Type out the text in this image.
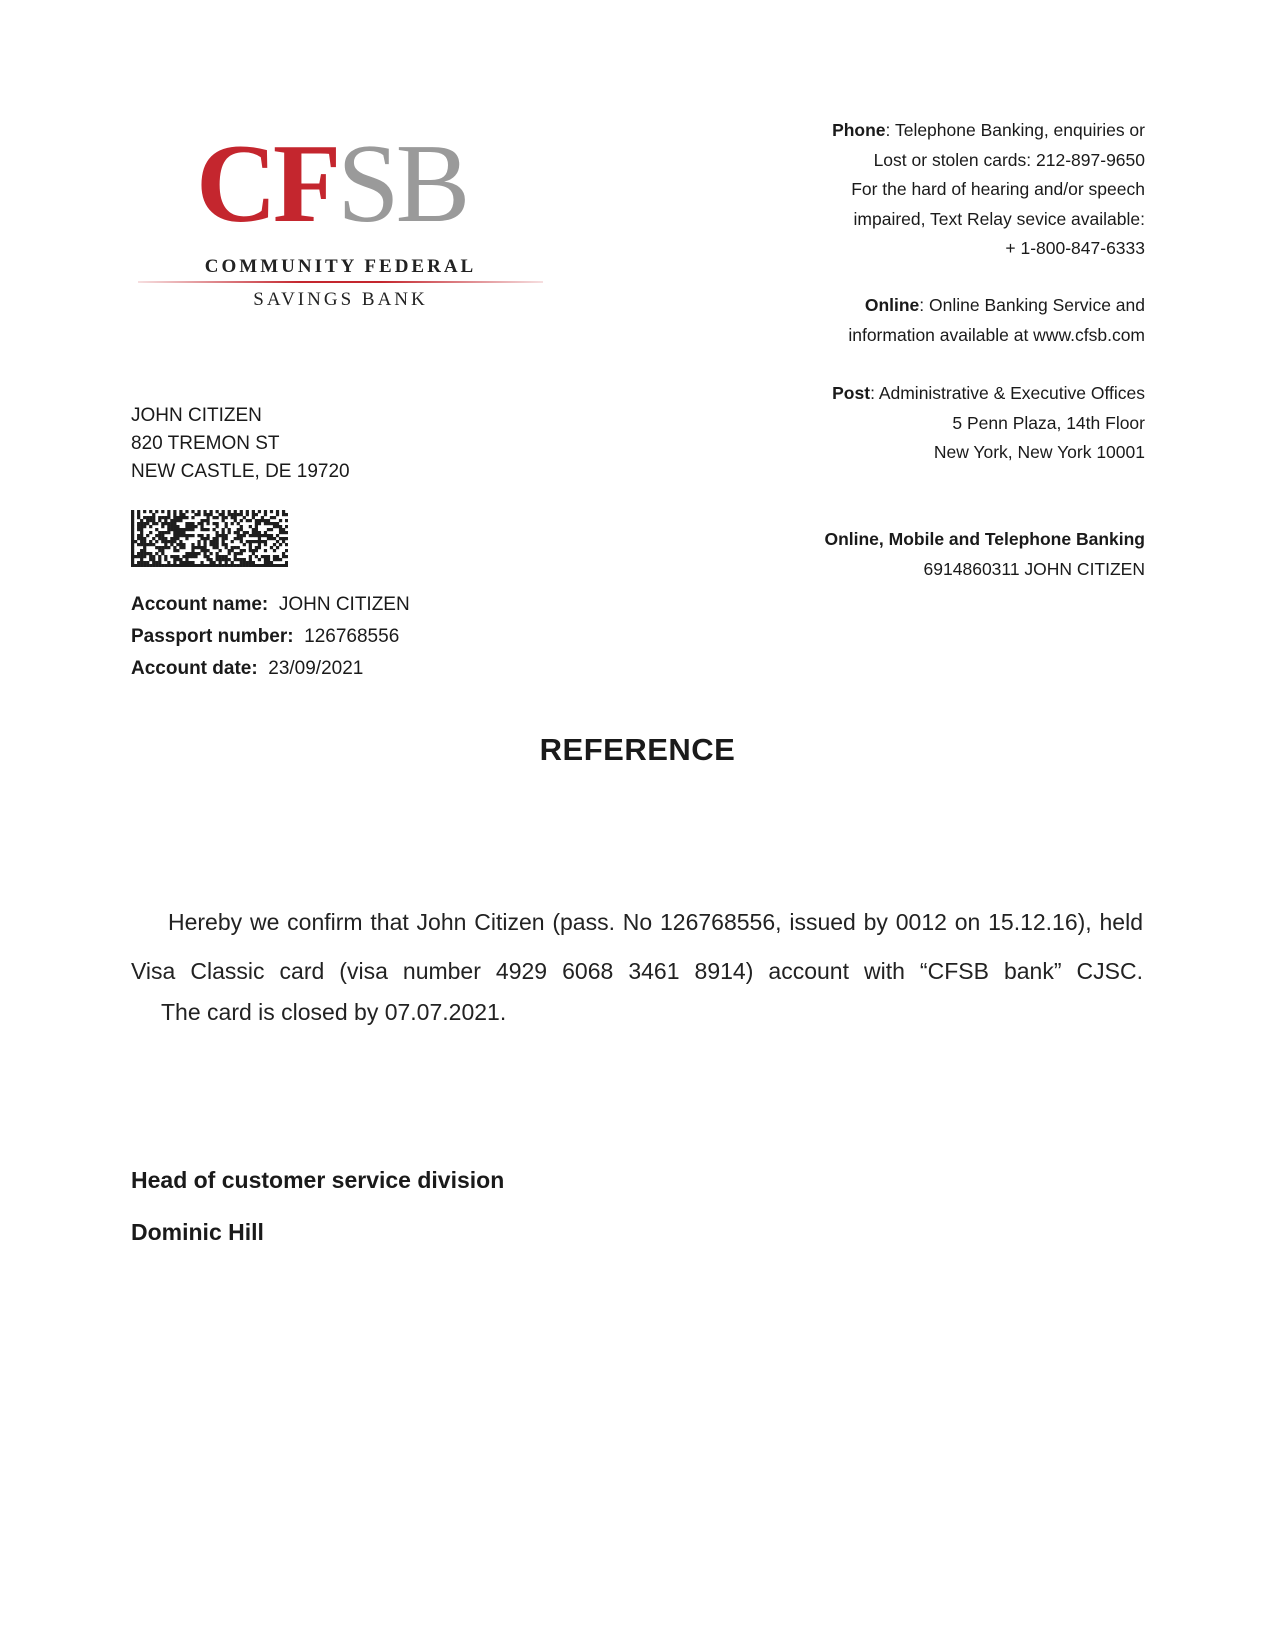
CFSB
COMMUNITY FEDERAL
SAVINGS BANK

Phone: Telephone Banking, enquiries or

Lost or stolen cards: 212-897-9650

For the hard of hearing and/or speech

impaired, Text Relay sevice available:

+ 1-800-847-6333

Online: Online Banking Service and

information available at www.cfsb.com

Post: Administrative & Executive Offices

5 Penn Plaza, 14th Floor

New York, New York 10001

Online, Mobile and Telephone Banking

6914860311 JOHN CITIZEN

JOHN CITIZEN
820 TREMON ST
NEW CASTLE, DE 19720
Account name: JOHN CITIZEN
Passport number: 126768556
Account date: 23/09/2021
REFERENCE
Hereby we confirm that John Citizen (pass. No 126768556, issued by 0012 on 15.12.16), held Visa Classic card (visa number 4929 6068 3461 8914) account with “CFSB bank” CJSC.
The card is closed by 07.07.2021.
Head of customer service division
Dominic Hill
